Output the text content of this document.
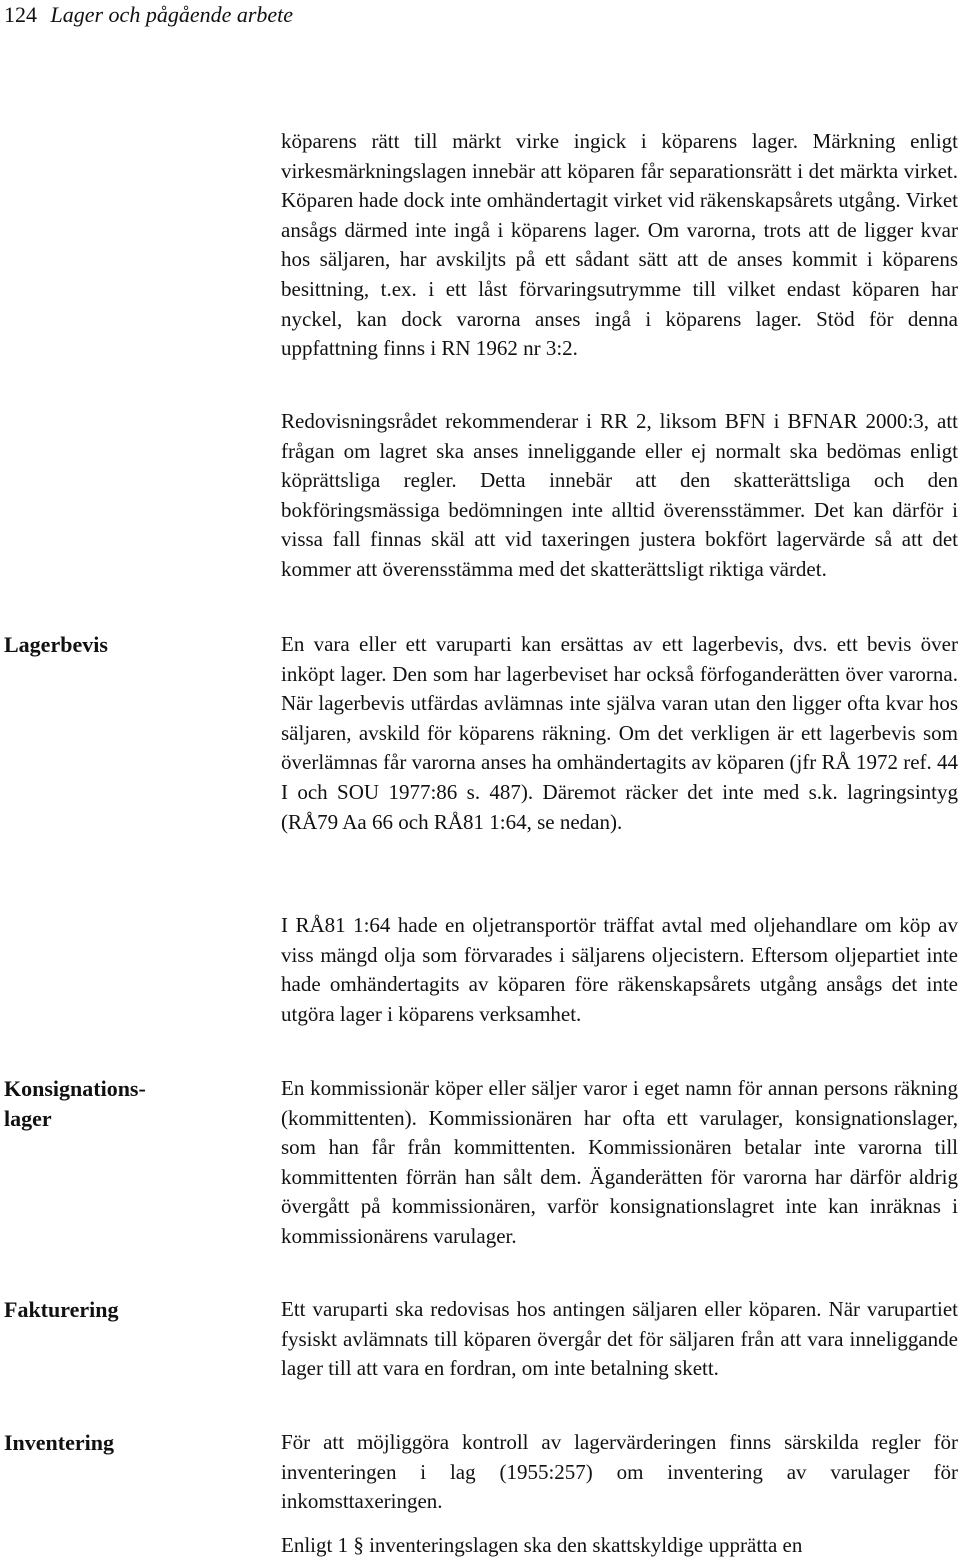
124 Lager och pågående arbete
Lagerbevis
Konsignations-
lager
Fakturering
Inventering

köparens rätt till märkt virke ingick i köparens lager. Märkning enligt virkesmärkningslagen innebär att köparen får separationsrätt i det märkta virket. Köparen hade dock inte omhändertagit virket vid räkenskapsårets utgång. Virket ansågs därmed inte ingå i köparens lager. Om varorna, trots att de ligger kvar hos säljaren, har avskiljts på ett sådant sätt att de anses kommit i köparens besittning, t.ex. i ett låst förvaringsutrymme till vilket endast köparen har nyckel, kan dock varorna anses ingå i köparens lager. Stöd för denna uppfattning finns i RN 1962 nr 3:2.

Redovisningsrådet rekommenderar i RR 2, liksom BFN i BFNAR 2000:3, att frågan om lagret ska anses inneliggande eller ej normalt ska bedömas enligt köprättsliga regler. Detta innebär att den skatterättsliga och den bokföringsmässiga bedömningen inte alltid överensstämmer. Det kan därför i vissa fall finnas skäl att vid taxeringen justera bokfört lagervärde så att det kommer att överensstämma med det skatterättsligt riktiga värdet.

En vara eller ett varuparti kan ersättas av ett lagerbevis, dvs. ett bevis över inköpt lager. Den som har lagerbeviset har också förfoganderätten över varorna. När lagerbevis utfärdas avlämnas inte själva varan utan den ligger ofta kvar hos säljaren, avskild för köparens räkning. Om det verkligen är ett lagerbevis som överlämnas får varorna anses ha omhändertagits av köparen (jfr RÅ 1972 ref. 44 I och SOU 1977:86 s. 487). Däremot räcker det inte med s.k. lagringsintyg (RÅ79 Aa 66 och RÅ81 1:64, se nedan).

I RÅ81 1:64 hade en oljetransportör träffat avtal med oljehandlare om köp av viss mängd olja som förvarades i säljarens oljecistern. Eftersom oljepartiet inte hade omhändertagits av köparen före räkenskapsårets utgång ansågs det inte utgöra lager i köparens verksamhet.

En kommissionär köper eller säljer varor i eget namn för annan persons räkning (kommittenten). Kommissionären har ofta ett varulager, konsignationslager, som han får från kommittenten. Kommissionären betalar inte varorna till kommittenten förrän han sålt dem. Äganderätten för varorna har därför aldrig övergått på kommissionären, varför konsignationslagret inte kan inräknas i kommissionärens varulager.

Ett varuparti ska redovisas hos antingen säljaren eller köparen. När varupartiet fysiskt avlämnats till köparen övergår det för säljaren från att vara inneliggande lager till att vara en fordran, om inte betalning skett.

För att möjliggöra kontroll av lagervärderingen finns särskilda regler för inventeringen i lag (1955:257) om inventering av varulager för inkomsttaxeringen.

Enligt 1 § inventeringslagen ska den skattskyldige upprätta en
